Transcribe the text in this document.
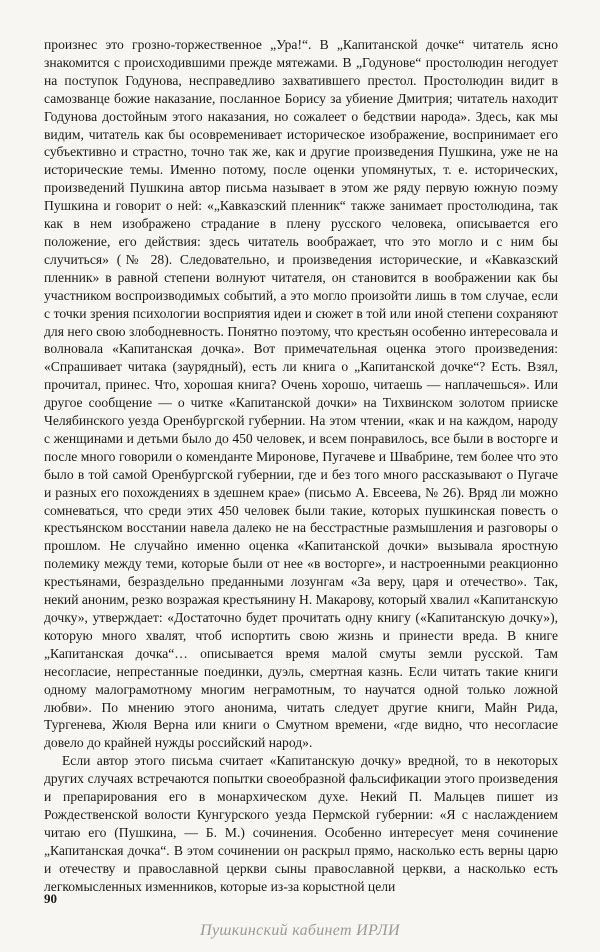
произнес это грозно-торжественное „Ура!“. В „Капитанской дочке“ читатель ясно знакомится с происходившими прежде мятежами. В „Годунове“ простолюдин негодует на поступок Годунова, несправедливо захватившего престол. Простолюдин видит в самозванце божие наказание, посланное Борису за убиение Дмитрия; читатель находит Годунова достойным этого наказания, но сожалеет о бедствии народа». Здесь, как мы видим, читатель как бы осовременивает историческое изображение, воспринимает его субъективно и страстно, точно так же, как и другие произведения Пушкина, уже не на исторические темы. Именно потому, после оценки упомянутых, т. е. исторических, произведений Пушкина автор письма называет в этом же ряду первую южную поэму Пушкина и говорит о ней: «„Кавказский пленник“ также занимает простолюдина, так как в нем изображено страдание в плену русского человека, описывается его положение, его действия: здесь читатель воображает, что это могло и с ним бы случиться» (№ 28). Следовательно, и произведения исторические, и «Кавказский пленник» в равной степени волнуют читателя, он становится в воображении как бы участником воспроизводимых событий, а это могло произойти лишь в том случае, если с точки зрения психологии восприятия идеи и сюжет в той или иной степени сохраняют для него свою злободневность. Понятно поэтому, что крестьян особенно интересовала и волновала «Капитанская дочка». Вот примечательная оценка этого произведения: «Спрашивает читака (заурядный), есть ли книга о „Капитанской дочке“? Есть. Взял, прочитал, принес. Что, хорошая книга? Очень хорошо, читаешь — наплачешься». Или другое сообщение — о читке «Капитанской дочки» на Тихвинском золотом прииске Челябинского уезда Оренбургской губернии. На этом чтении, «как и на каждом, народу с женщинами и детьми было до 450 человек, и всем понравилось, все были в восторге и после много говорили о коменданте Миронове, Пугачеве и Швабрине, тем более что это было в той самой Оренбургской губернии, где и без того много рассказывают о Пугаче и разных его похождениях в здешнем крае» (письмо А. Евсеева, № 26). Вряд ли можно сомневаться, что среди этих 450 человек были такие, которых пушкинская повесть о крестьянском восстании навела далеко не на бесстрастные размышления и разговоры о прошлом. Не случайно именно оценка «Капитанской дочки» вызывала яростную полемику между теми, которые были от нее «в восторге», и настроенными реакционно крестьянами, безраздельно преданными лозунгам «За веру, царя и отечество». Так, некий аноним, резко возражая крестьянину Н. Макарову, который хвалил «Капитанскую дочку», утверждает: «Достаточно будет прочитать одну книгу («Капитанскую дочку»), которую много хвалят, чтоб испортить свою жизнь и принести вреда. В книге „Капитанская дочка“… описывается время малой смуты земли русской. Там несогласие, непрестанные поединки, дуэль, смертная казнь. Если читать такие книги одному малограмотному многим неграмотным, то научатся одной только ложной любви». По мнению этого анонима, читать следует другие книги, Майн Рида, Тургенева, Жюля Верна или книги о Смутном времени, «где видно, что несогласие довело до крайней нужды российский народ».

Если автор этого письма считает «Капитанскую дочку» вредной, то в некоторых других случаях встречаются попытки своеобразной фальсификации этого произведения и препарирования его в монархическом духе. Некий П. Мальцев пишет из Рождественской волости Кунгурского уезда Пермской губернии: «Я с наслаждением читаю его (Пушкина, — Б. М.) сочинения. Особенно интересует меня сочинение „Капитанская дочка“. В этом сочинении он раскрыл прямо, насколько есть верны царю и отечеству и православной церкви сыны православной церкви, а насколько есть легкомысленных изменников, которые из-за корыстной цели

90
Пушкинский кабинет ИРЛИ
